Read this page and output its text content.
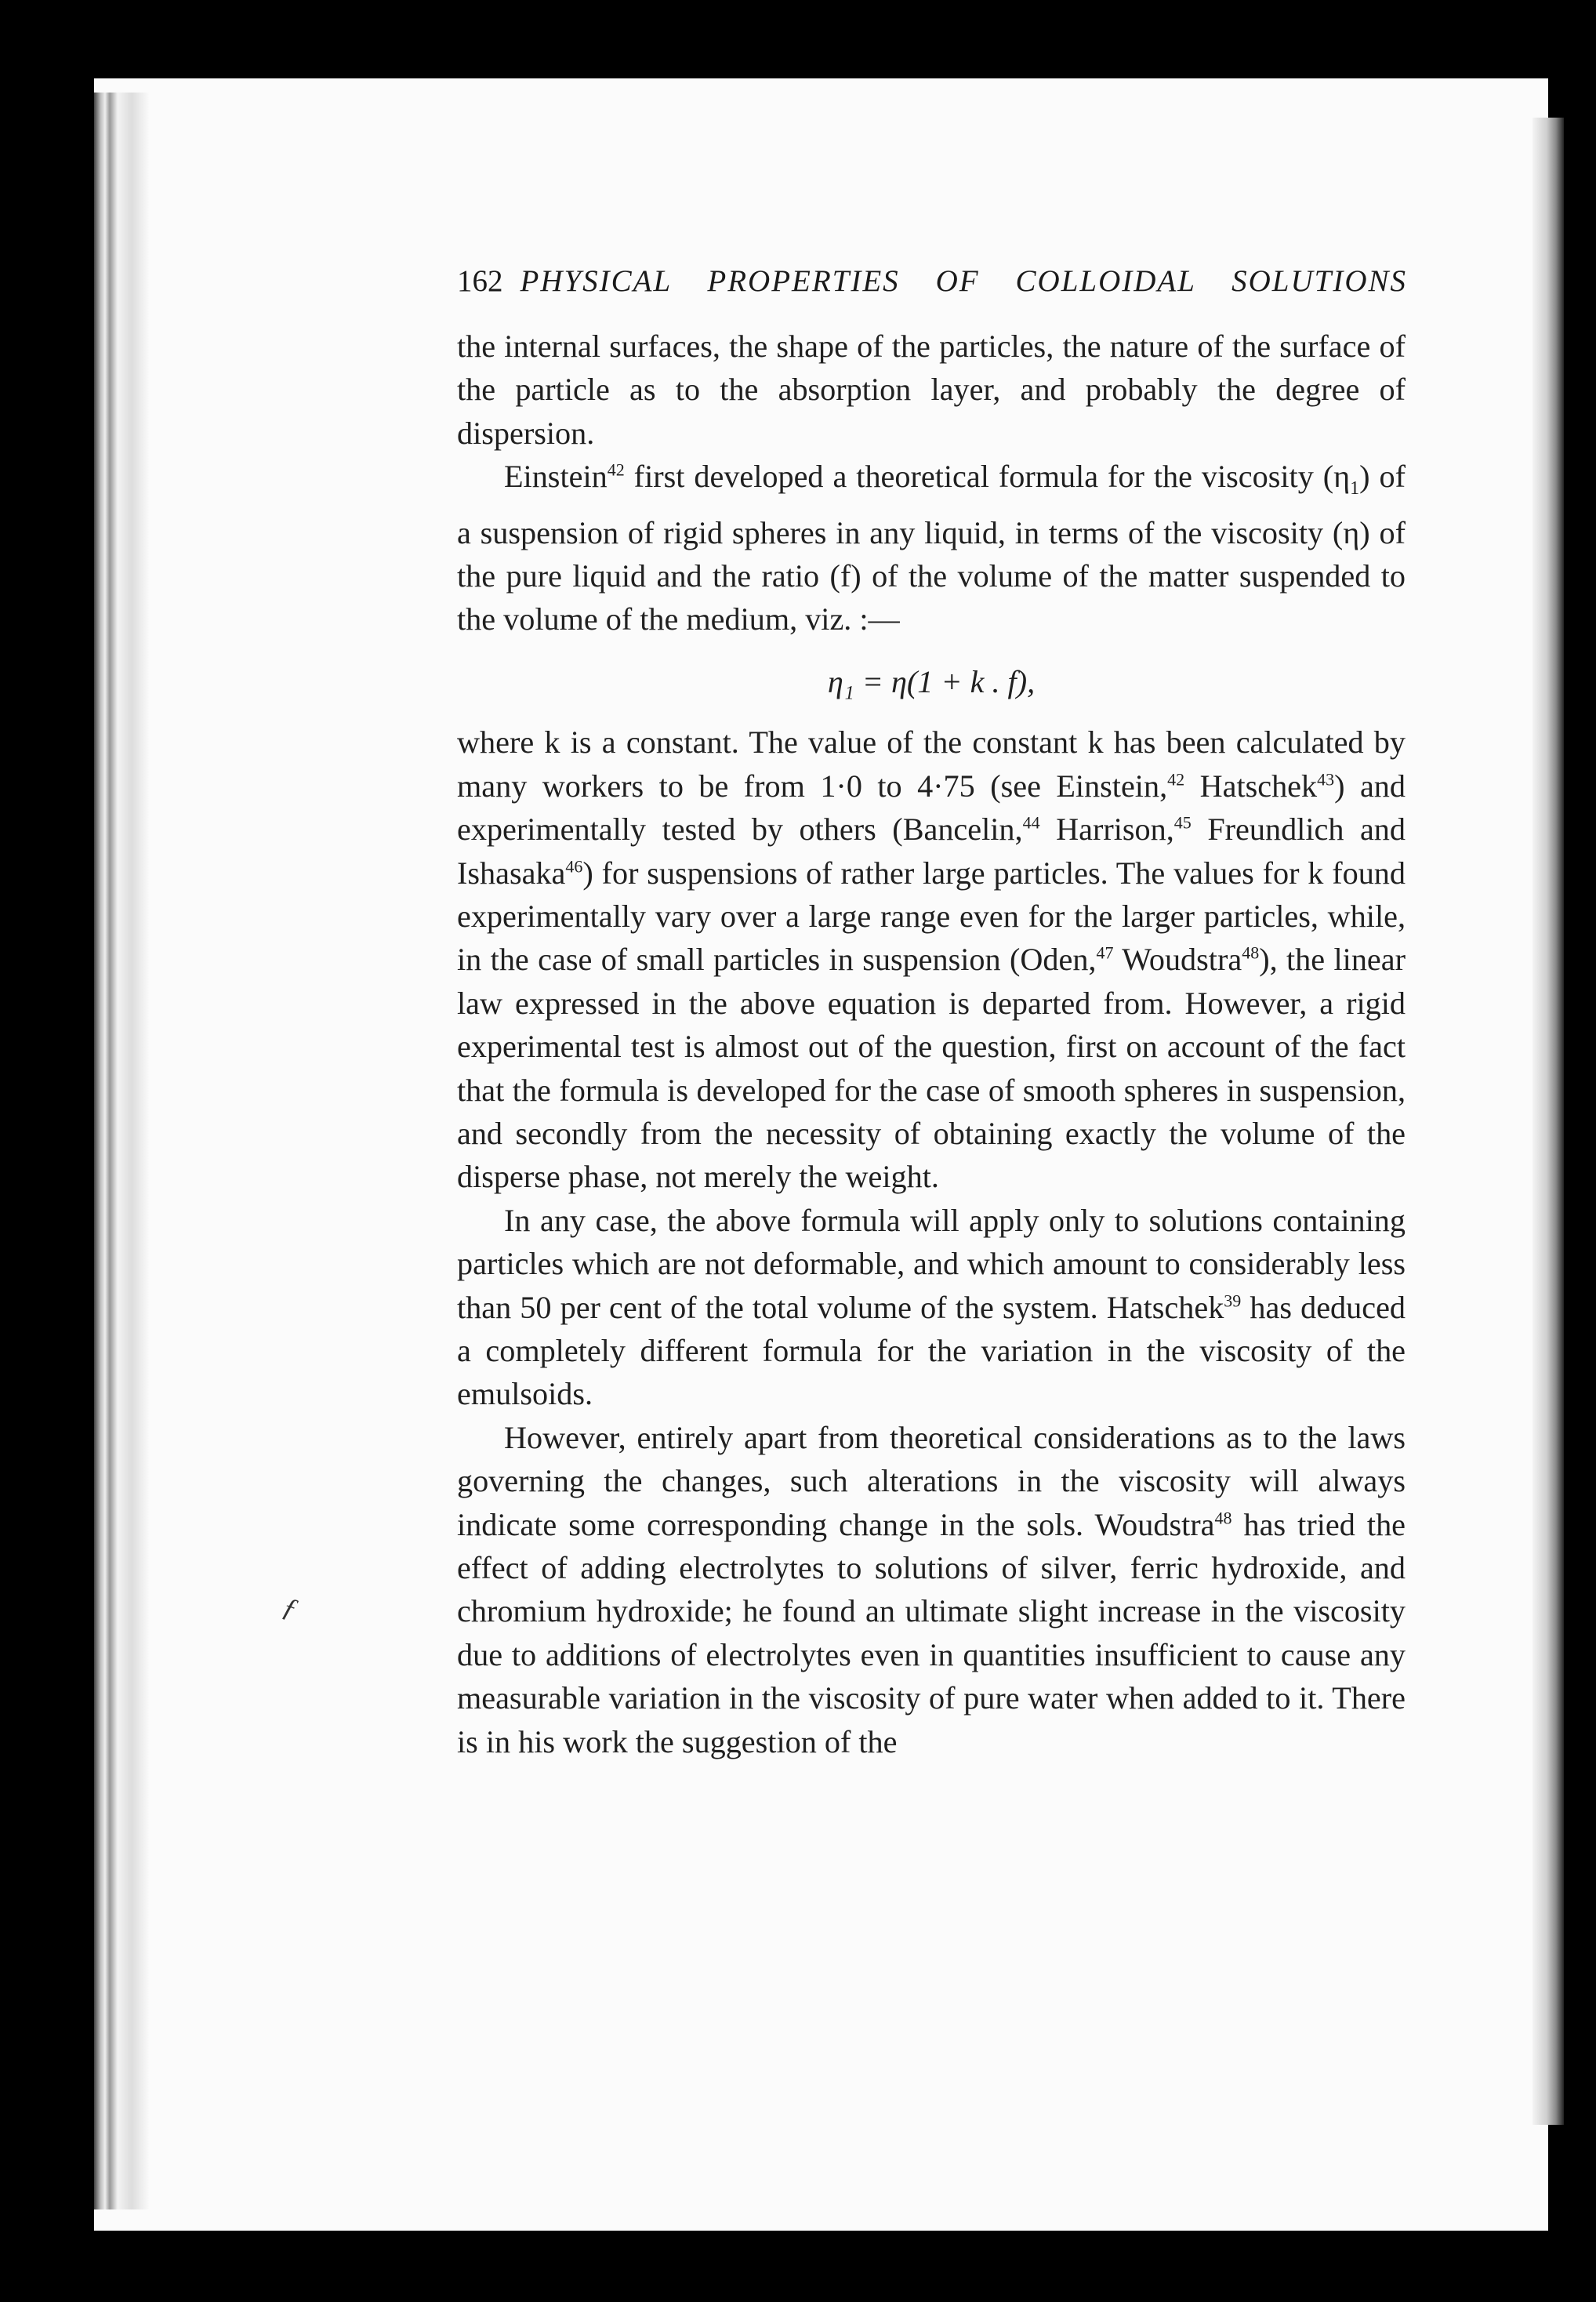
162 PHYSICAL PROPERTIES OF COLLOIDAL SOLUTIONS

the internal surfaces, the shape of the particles, the nature of the surface of the particle as to the absorption layer, and probably the degree of dispersion.

Einstein$^{42}$ first developed a theoretical formula for the viscosity $(\eta_1)$ of a suspension of rigid spheres in any liquid, in terms of the viscosity (η) of the pure liquid and the ratio (f) of the volume of the matter suspended to the volume of the medium, viz. :—

η₁ = η(1 + k . f),

where k is a constant. The value of the constant k has been calculated by many workers to be from 1·0 to 4·75 (see Einstein,$^{42}$ Hatschek$^{43}$) and experimentally tested by others (Bancelin,$^{44}$ Harrison,$^{45}$ Freundlich and Ishasaka$^{46}$) for suspensions of rather large particles. The values for k found experimentally vary over a large range even for the larger particles, while, in the case of small particles in suspension (Oden,$^{47}$ Woudstra$^{48}$), the linear law expressed in the above equation is departed from. However, a rigid experimental test is almost out of the question, first on account of the fact that the formula is developed for the case of smooth spheres in suspension, and secondly from the necessity of obtaining exactly the volume of the disperse phase, not merely the weight.

In any case, the above formula will apply only to solutions containing particles which are not deformable, and which amount to considerably less than 50 per cent of the total volume of the system. Hatschek$^{39}$ has deduced a completely different formula for the variation in the viscosity of the emulsoids.

However, entirely apart from theoretical considerations as to the laws governing the changes, such alterations in the viscosity will always indicate some corresponding change in the sols. Woudstra$^{48}$ has tried the effect of adding electrolytes to solutions of silver, ferric hydroxide, and chromium hydroxide; he found an ultimate slight increase in the viscosity due to additions of electrolytes even in quantities insufficient to cause any measurable variation in the viscosity of pure water when added to it. There is in his work the suggestion of the

ƒ
